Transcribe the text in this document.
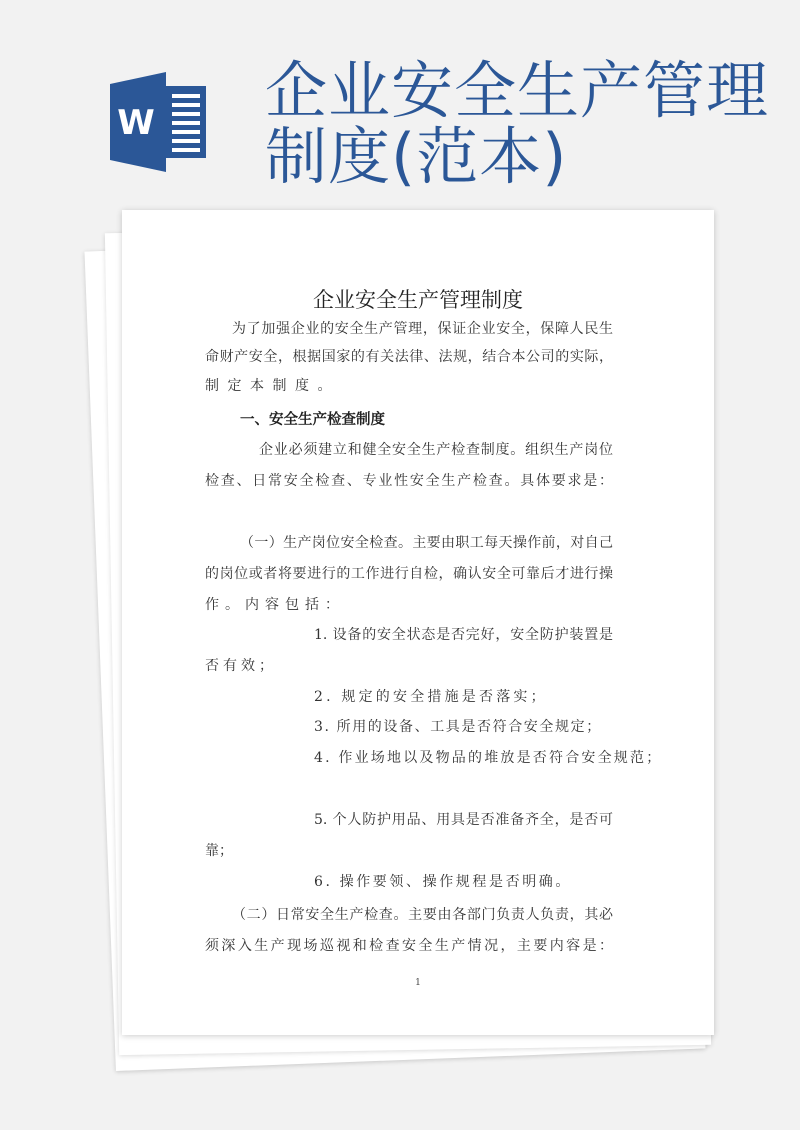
W 企业安全生产管理
制度(范本)
企业安全生产管理制度
为了加强企业的安全生产管理，保证企业安全，保障人民生
命财产安全，根据国家的有关法律、法规，结合本公司的实际，
制定本制度。
一、安全生产检查制度
企业必须建立和健全安全生产检查制度。组织生产岗位
检查、日常安全检查、专业性安全生产检查。具体要求是：
（一）生产岗位安全检查。主要由职工每天操作前，对自己
的岗位或者将要进行的工作进行自检，确认安全可靠后才进行操
作。内容包括：
1. 设备的安全状态是否完好，安全防护装置是
否有效；
2. 规定的安全措施是否落实；
3. 所用的设备、工具是否符合安全规定；
4. 作业场地以及物品的堆放是否符合安全规范；
5. 个人防护用品、用具是否准备齐全，是否可
靠；
6. 操作要领、操作规程是否明确。
（二）日常安全生产检查。主要由各部门负责人负责，其必
须深入生产现场巡视和检查安全生产情况，主要内容是：
1
